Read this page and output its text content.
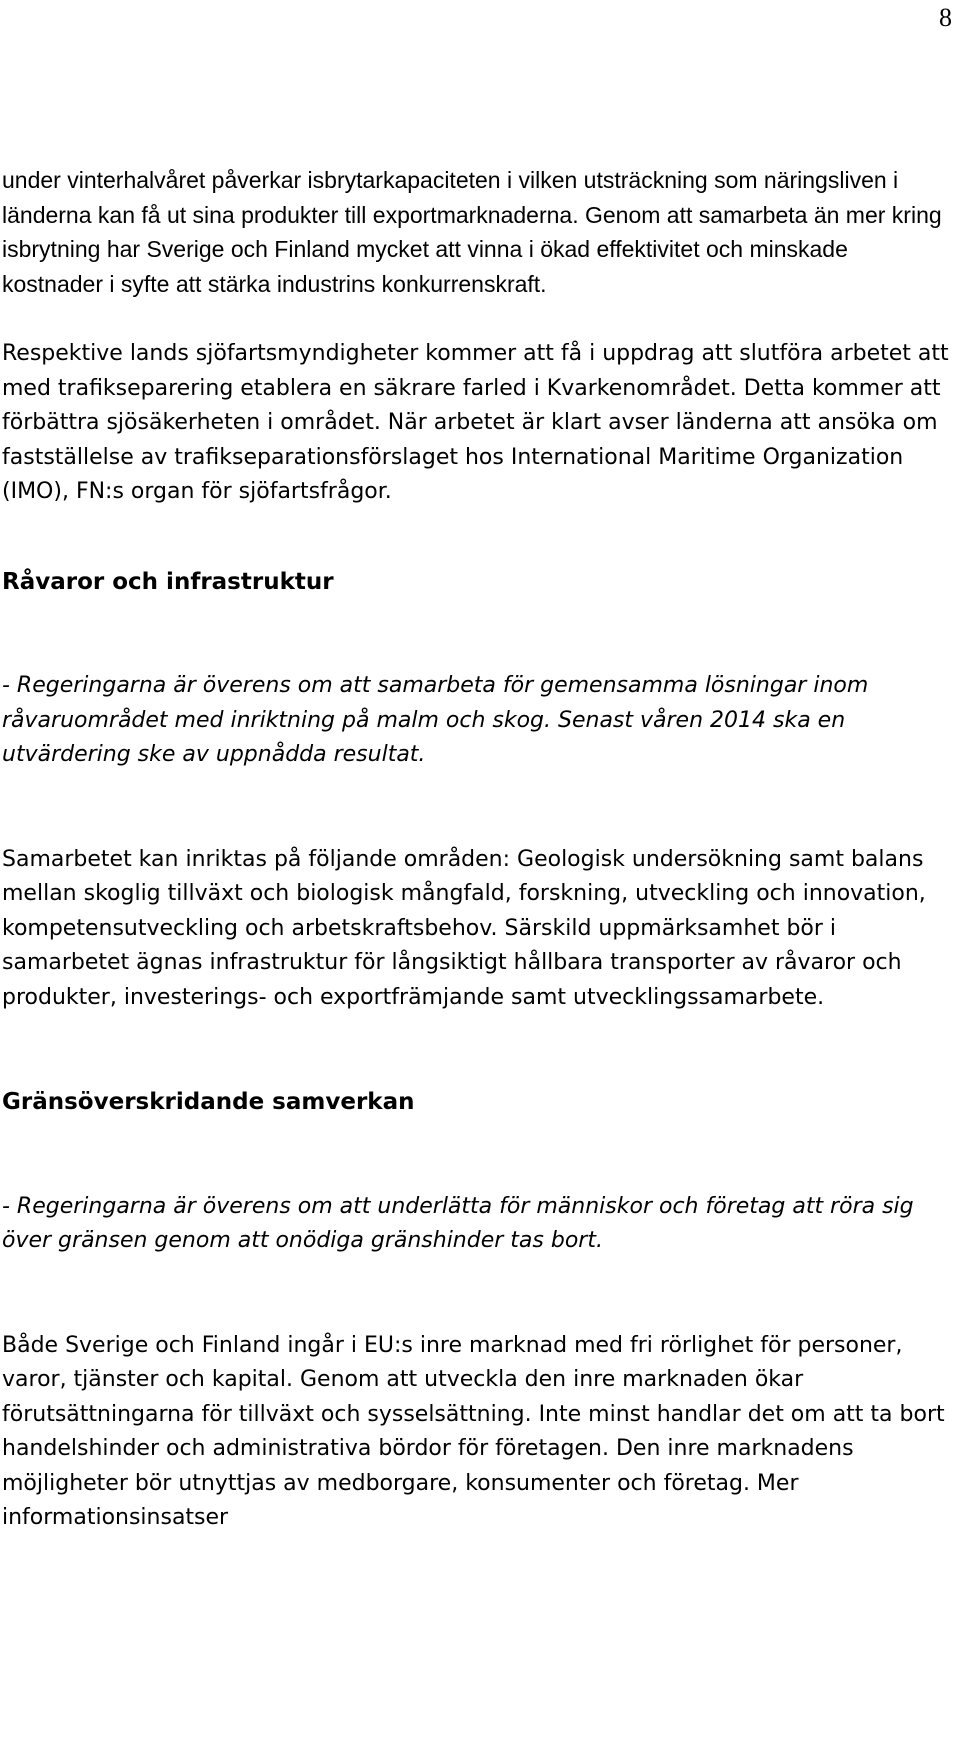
8

under vinterhalvåret påverkar isbrytarkapaciteten i vilken utsträckning som näringsliven i länderna kan få ut sina produkter till exportmarknaderna. Genom att samarbeta än mer kring isbrytning har Sverige och Finland mycket att vinna i ökad effektivitet och minskade kostnader i syfte att stärka industrins konkurrenskraft.

Respektive lands sjöfartsmyndigheter kommer att få i uppdrag att slutföra arbetet att med trafikseparering etablera en säkrare farled i Kvarkenområdet. Detta kommer att förbättra sjösäkerheten i området. När arbetet är klart avser länderna att ansöka om fastställelse av trafikseparationsförslaget hos International Maritime Organization (IMO), FN:s organ för sjöfartsfrågor.

Råvaror och infrastruktur

- Regeringarna är överens om att samarbeta för gemensamma lösningar inom råvaruområdet med inriktning på malm och skog. Senast våren 2014 ska en utvärdering ske av uppnådda resultat.

Samarbetet kan inriktas på följande områden: Geologisk undersökning samt balans mellan skoglig tillväxt och biologisk mångfald, forskning, utveckling och innovation, kompetensutveckling och arbetskraftsbehov. Särskild uppmärksamhet bör i samarbetet ägnas infrastruktur för långsiktigt hållbara transporter av råvaror och produkter, investerings- och exportfrämjande samt utvecklingssamarbete.

Gränsöverskridande samverkan

- Regeringarna är överens om att underlätta för människor och företag att röra sig över gränsen genom att onödiga gränshinder tas bort.

Både Sverige och Finland ingår i EU:s inre marknad med fri rörlighet för personer, varor, tjänster och kapital. Genom att utveckla den inre marknaden ökar förutsättningarna för tillväxt och sysselsättning. Inte minst handlar det om att ta bort handelshinder och administrativa bördor för företagen. Den inre marknadens möjligheter bör utnyttjas av medborgare, konsumenter och företag. Mer informationsinsatser
